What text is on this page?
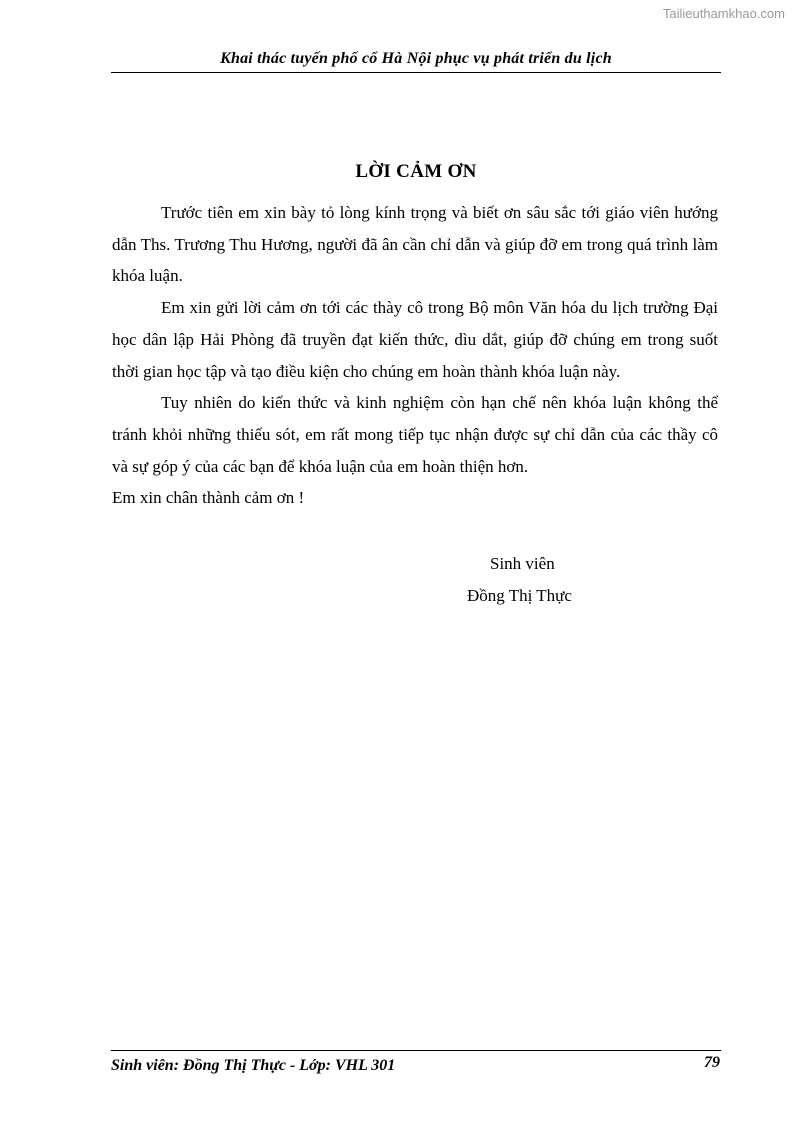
Tailieuthamkhao.com
Khai thác tuyến phố cổ Hà Nội phục vụ phát triển du lịch
LỜI CẢM ƠN

Trước tiên em xin bày tỏ lòng kính trọng và biết ơn sâu sắc tới giáo viên hướng dẫn Ths. Trương Thu Hương, người đã ân cần chỉ dẫn và giúp đỡ em trong quá trình làm khóa luận.

Em xin gửi lời cảm ơn tới các thày cô trong Bộ môn Văn hóa du lịch trường Đại học dân lập Hải Phòng đã truyền đạt kiến thức, dìu dắt, giúp đỡ chúng em trong suốt thời gian học tập và tạo điều kiện cho chúng em hoàn thành khóa luận này.

Tuy nhiên do kiến thức và kinh nghiệm còn hạn chế nên khóa luận không thể tránh khỏi những thiếu sót, em rất mong tiếp tục nhận được sự chỉ dẫn của các thầy cô và sự góp ý của các bạn để khóa luận của em hoàn thiện hơn.

Em xin chân thành cảm ơn !

Sinh viên
Đồng Thị Thực
Sinh viên: Đồng Thị Thực - Lớp: VHL 301	79
